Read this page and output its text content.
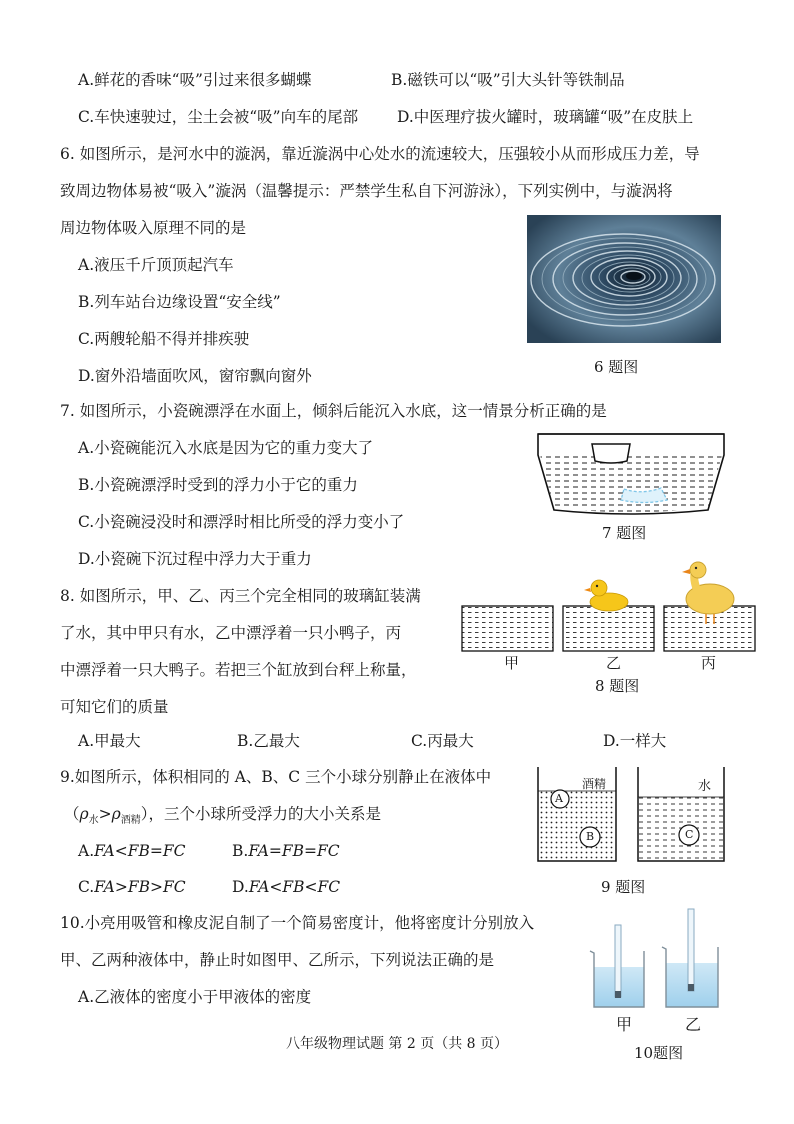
A.鲜花的香味“吸”引过来很多蝴蝶	B.磁铁可以“吸”引大头针等铁制品
C.车快速驶过，尘土会被“吸”向车的尾部	D.中医理疗拔火罐时，玻璃罐“吸”在皮肤上
6. 如图所示，是河水中的漩涡，靠近漩涡中心处水的流速较大，压强较小从而形成压力差，导
致周边物体易被“吸入”漩涡（温馨提示：严禁学生私自下河游泳），下列实例中，与漩涡将
周边物体吸入原理不同的是
A.液压千斤顶顶起汽车
B.列车站台边缘设置“安全线”
C.两艘轮船不得并排疾驶
D.窗外沿墙面吹风，窗帘飘向窗外	6 题图
7. 如图所示，小瓷碗漂浮在水面上，倾斜后能沉入水底，这一情景分析正确的是
A.小瓷碗能沉入水底是因为它的重力变大了
B.小瓷碗漂浮时受到的浮力小于它的重力
C.小瓷碗浸没时和漂浮时相比所受的浮力变小了
D.小瓷碗下沉过程中浮力大于重力
7 题图
8. 如图所示，甲、乙、丙三个完全相同的玻璃缸装满
了水，其中甲只有水，乙中漂浮着一只小鸭子，丙
中漂浮着一只大鸭子。若把三个缸放到台秤上称量，
可知它们的质量
甲	乙	丙
8 题图
A.甲最大	B.乙最大	C.丙最大	D.一样大
9.如图所示，体积相同的 A、B、C 三个小球分别静止在液体中
$(\rho_水>\rho_{酒精})$，三个小球所受浮力的大小关系是
A.FA<FB=FC	B.FA=FB=FC
C.FA>FB>FC	D.FA<FB<FC
酒精	水
A
B	C
9 题图
10.小亮用吸管和橡皮泥自制了一个简易密度计，他将密度计分别放入
甲、乙两种液体中，静止时如图甲、乙所示，下列说法正确的是
A.乙液体的密度小于甲液体的密度
甲	乙
10题图
八年级物理试题 第 2 页（共 8 页）
